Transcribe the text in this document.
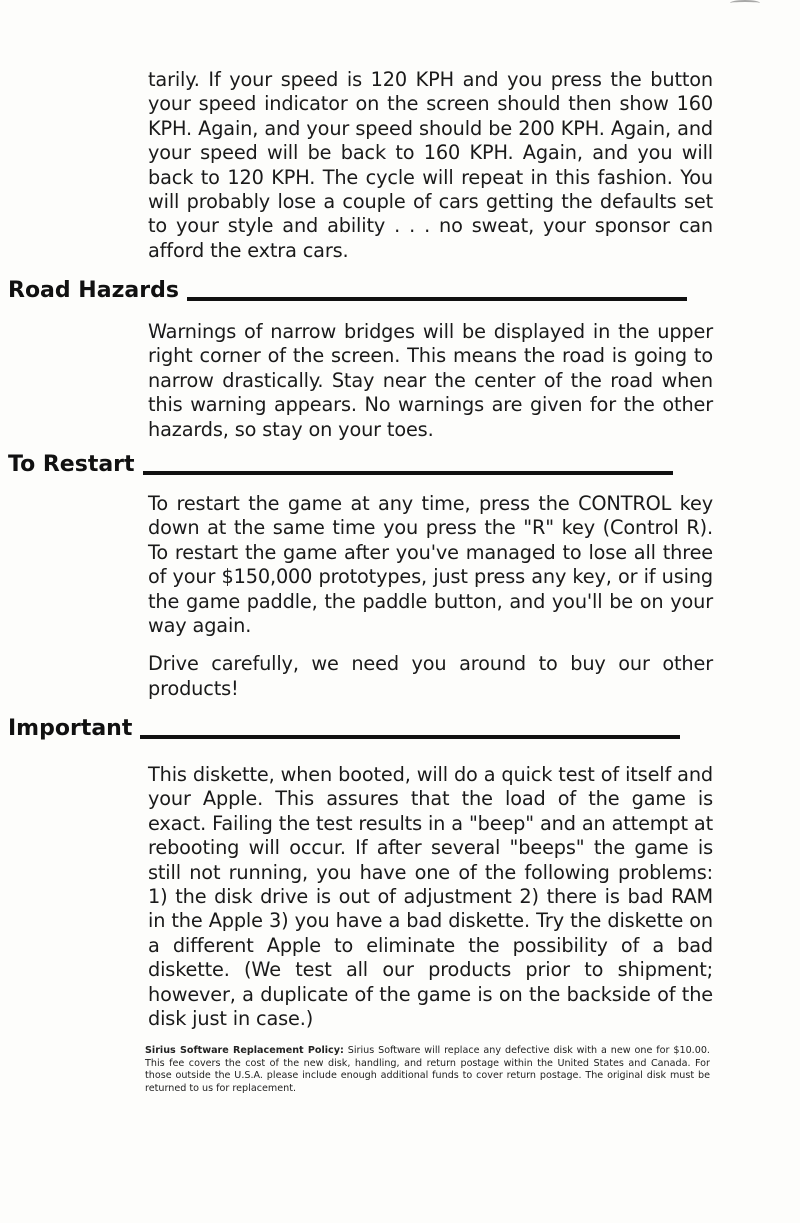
tarily. If your speed is 120 KPH and you press the button your speed indicator on the screen should then show 160 KPH. Again, and your speed should be 200 KPH. Again, and your speed will be back to 160 KPH. Again, and you will back to 120 KPH. The cycle will repeat in this fashion. You will probably lose a couple of cars getting the defaults set to your style and ability . . . no sweat, your sponsor can afford the extra cars.

Road Hazards

Warnings of narrow bridges will be displayed in the upper right corner of the screen. This means the road is going to narrow drastically. Stay near the center of the road when this warning appears. No warnings are given for the other hazards, so stay on your toes.

To Restart

To restart the game at any time, press the CONTROL key down at the same time you press the "R" key (Control R). To restart the game after you've managed to lose all three of your $150,000 prototypes, just press any key, or if using the game paddle, the paddle button, and you'll be on your way again.

Drive carefully, we need you around to buy our other products!

Important

This diskette, when booted, will do a quick test of itself and your Apple. This assures that the load of the game is exact. Failing the test results in a "beep" and an attempt at rebooting will occur. If after several "beeps" the game is still not running, you have one of the following problems: 1) the disk drive is out of adjustment 2) there is bad RAM in the Apple 3) you have a bad diskette. Try the diskette on a different Apple to eliminate the possibility of a bad diskette. (We test all our products prior to shipment; however, a duplicate of the game is on the backside of the disk just in case.)

Sirius Software Replacement Policy: Sirius Software will replace any defective disk with a new one for $10.00. This fee covers the cost of the new disk, handling, and return postage within the United States and Canada. For those outside the U.S.A. please include enough additional funds to cover return postage. The original disk must be returned to us for replacement.
